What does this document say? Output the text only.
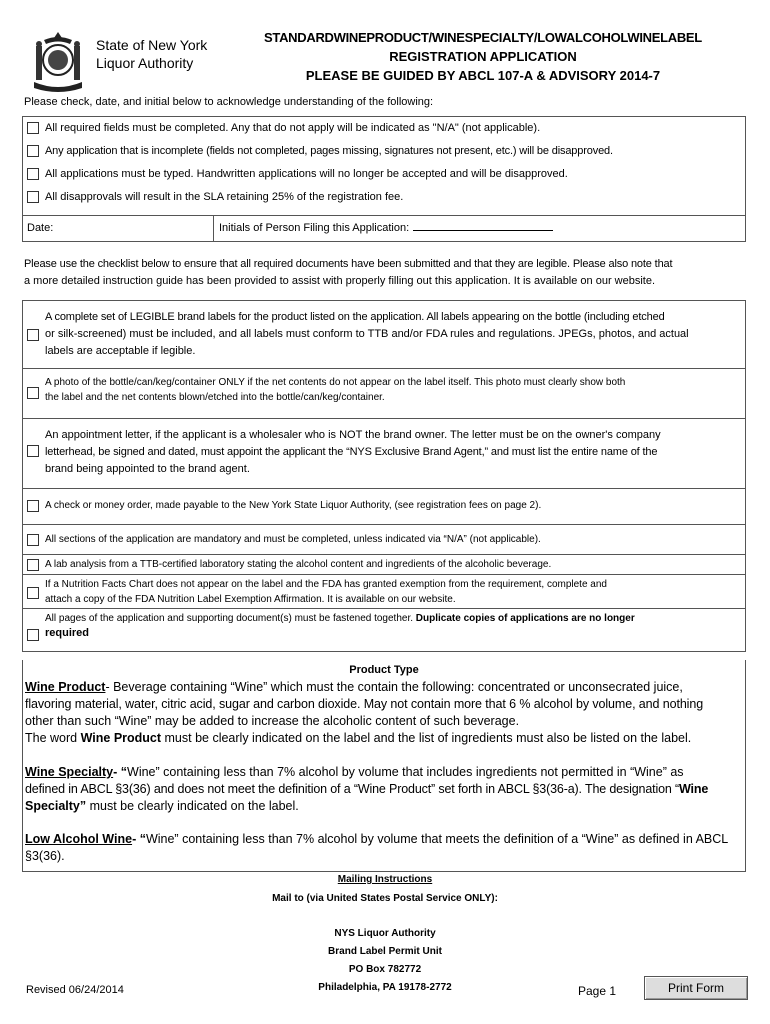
State of New York
Liquor Authority
STANDARDWINEPRODUCT/WINESPECIALTY/LOWALCOHOLWINELABEL
REGISTRATION APPLICATION
PLEASE BE GUIDED BY ABCL 107-A & ADVISORY 2014-7
Please check, date, and initial below to acknowledge understanding of the following:
All required fields must be completed. Any that do not apply will be indicated as "N/A" (not applicable).
Any application that is incomplete (fields not completed, pages missing, signatures not present, etc.) will be disapproved.
All applications must be typed. Handwritten applications will no longer be accepted and will be disapproved.
All disapprovals will result in the SLA retaining 25% of the registration fee.
Date:	Initials of Person Filing this Application:
Please use the checklist below to ensure that all required documents have been submitted and that they are legible. Please also note that
a more detailed instruction guide has been provided to assist with properly filling out this application. It is available on our website.
A complete set of LEGIBLE brand labels for the product listed on the application. All labels appearing on the bottle (including etched
or silk-screened) must be included, and all labels must conform to TTB and/or FDA rules and regulations. JPEGs, photos, and actual
labels are acceptable if legible.
A photo of the bottle/can/keg/container ONLY if the net contents do not appear on the label itself. This photo must clearly show both
the label and the net contents blown/etched into the bottle/can/keg/container.
An appointment letter, if the applicant is a wholesaler who is NOT the brand owner. The letter must be on the owner's company
letterhead, be signed and dated, must appoint the applicant the “NYS Exclusive Brand Agent,” and must list the entire name of the
brand being appointed to the brand agent.
A check or money order, made payable to the New York State Liquor Authority, (see registration fees on page 2).
All sections of the application are mandatory and must be completed, unless indicated via “N/A” (not applicable).
A lab analysis from a TTB-certified laboratory stating the alcohol content and ingredients of the alcoholic beverage.
If a Nutrition Facts Chart does not appear on the label and the FDA has granted exemption from the requirement, complete and
attach a copy of the FDA Nutrition Label Exemption Affirmation. It is available on our website.
All pages of the application and supporting document(s) must be fastened together. Duplicate copies of applications are no longer
required
Product Type
Wine Product- Beverage containing “Wine” which must the contain the following: concentrated or unconsecrated juice,
flavoring material, water, citric acid, sugar and carbon dioxide. May not contain more that 6 % alcohol by volume, and nothing
other than such “Wine” may be added to increase the alcoholic content of such beverage.
The word Wine Product must be clearly indicated on the label and the list of ingredients must also be listed on the label.
Wine Specialty- “Wine” containing less than 7% alcohol by volume that includes ingredients not permitted in “Wine” as
defined in ABCL §3(36) and does not meet the definition of a “Wine Product” set forth in ABCL §3(36-a). The designation “Wine
Specialty” must be clearly indicated on the label.
Low Alcohol Wine- “Wine” containing less than 7% alcohol by volume that meets the definition of a “Wine” as defined in ABCL
§3(36).
Mailing Instructions
Mail to (via United States Postal Service ONLY):
NYS Liquor Authority
Brand Label Permit Unit
PO Box 782772
Philadelphia, PA 19178-2772
Revised 06/24/2014	Page 1	Print Form
